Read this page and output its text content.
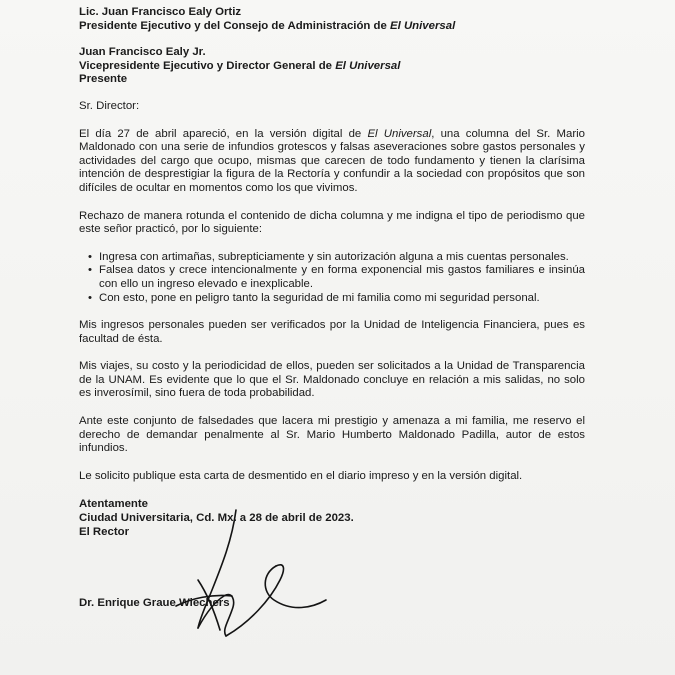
Lic. Juan Francisco Ealy Ortiz
Presidente Ejecutivo y del Consejo de Administración de El Universal
Juan Francisco Ealy Jr.
Vicepresidente Ejecutivo y Director General de El Universal
Presente

Sr. Director:

El día 27 de abril apareció, en la versión digital de El Universal, una columna del Sr. Mario Maldonado con una serie de infundios grotescos y falsas aseveraciones sobre gastos personales y actividades del cargo que ocupo, mismas que carecen de todo fundamento y tienen la clarísima intención de desprestigiar la figura de la Rectoría y confundir a la sociedad con propósitos que son difíciles de ocultar en momentos como los que vivimos.

Rechazo de manera rotunda el contenido de dicha columna y me indigna el tipo de periodismo que este señor practicó, por lo siguiente:

• Ingresa con artimañas, subrepticiamente y sin autorización alguna a mis cuentas personales.
• Falsea datos y crece intencionalmente y en forma exponencial mis gastos familiares e insinúa con ello un ingreso elevado e inexplicable.
• Con esto, pone en peligro tanto la seguridad de mi familia como mi seguridad personal.

Mis ingresos personales pueden ser verificados por la Unidad de Inteligencia Financiera, pues es facultad de ésta.

Mis viajes, su costo y la periodicidad de ellos, pueden ser solicitados a la Unidad de Transparencia de la UNAM. Es evidente que lo que el Sr. Maldonado concluye en relación a mis salidas, no solo es inverosímil, sino fuera de toda probabilidad.

Ante este conjunto de falsedades que lacera mi prestigio y amenaza a mi familia, me reservo el derecho de demandar penalmente al Sr. Mario Humberto Maldonado Padilla, autor de estos infundios.

Le solicito publique esta carta de desmentido en el diario impreso y en la versión digital.

Atentamente
Ciudad Universitaria, Cd. Mx. a 28 de abril de 2023.
El Rector
Dr. Enrique Graue Wiechers
